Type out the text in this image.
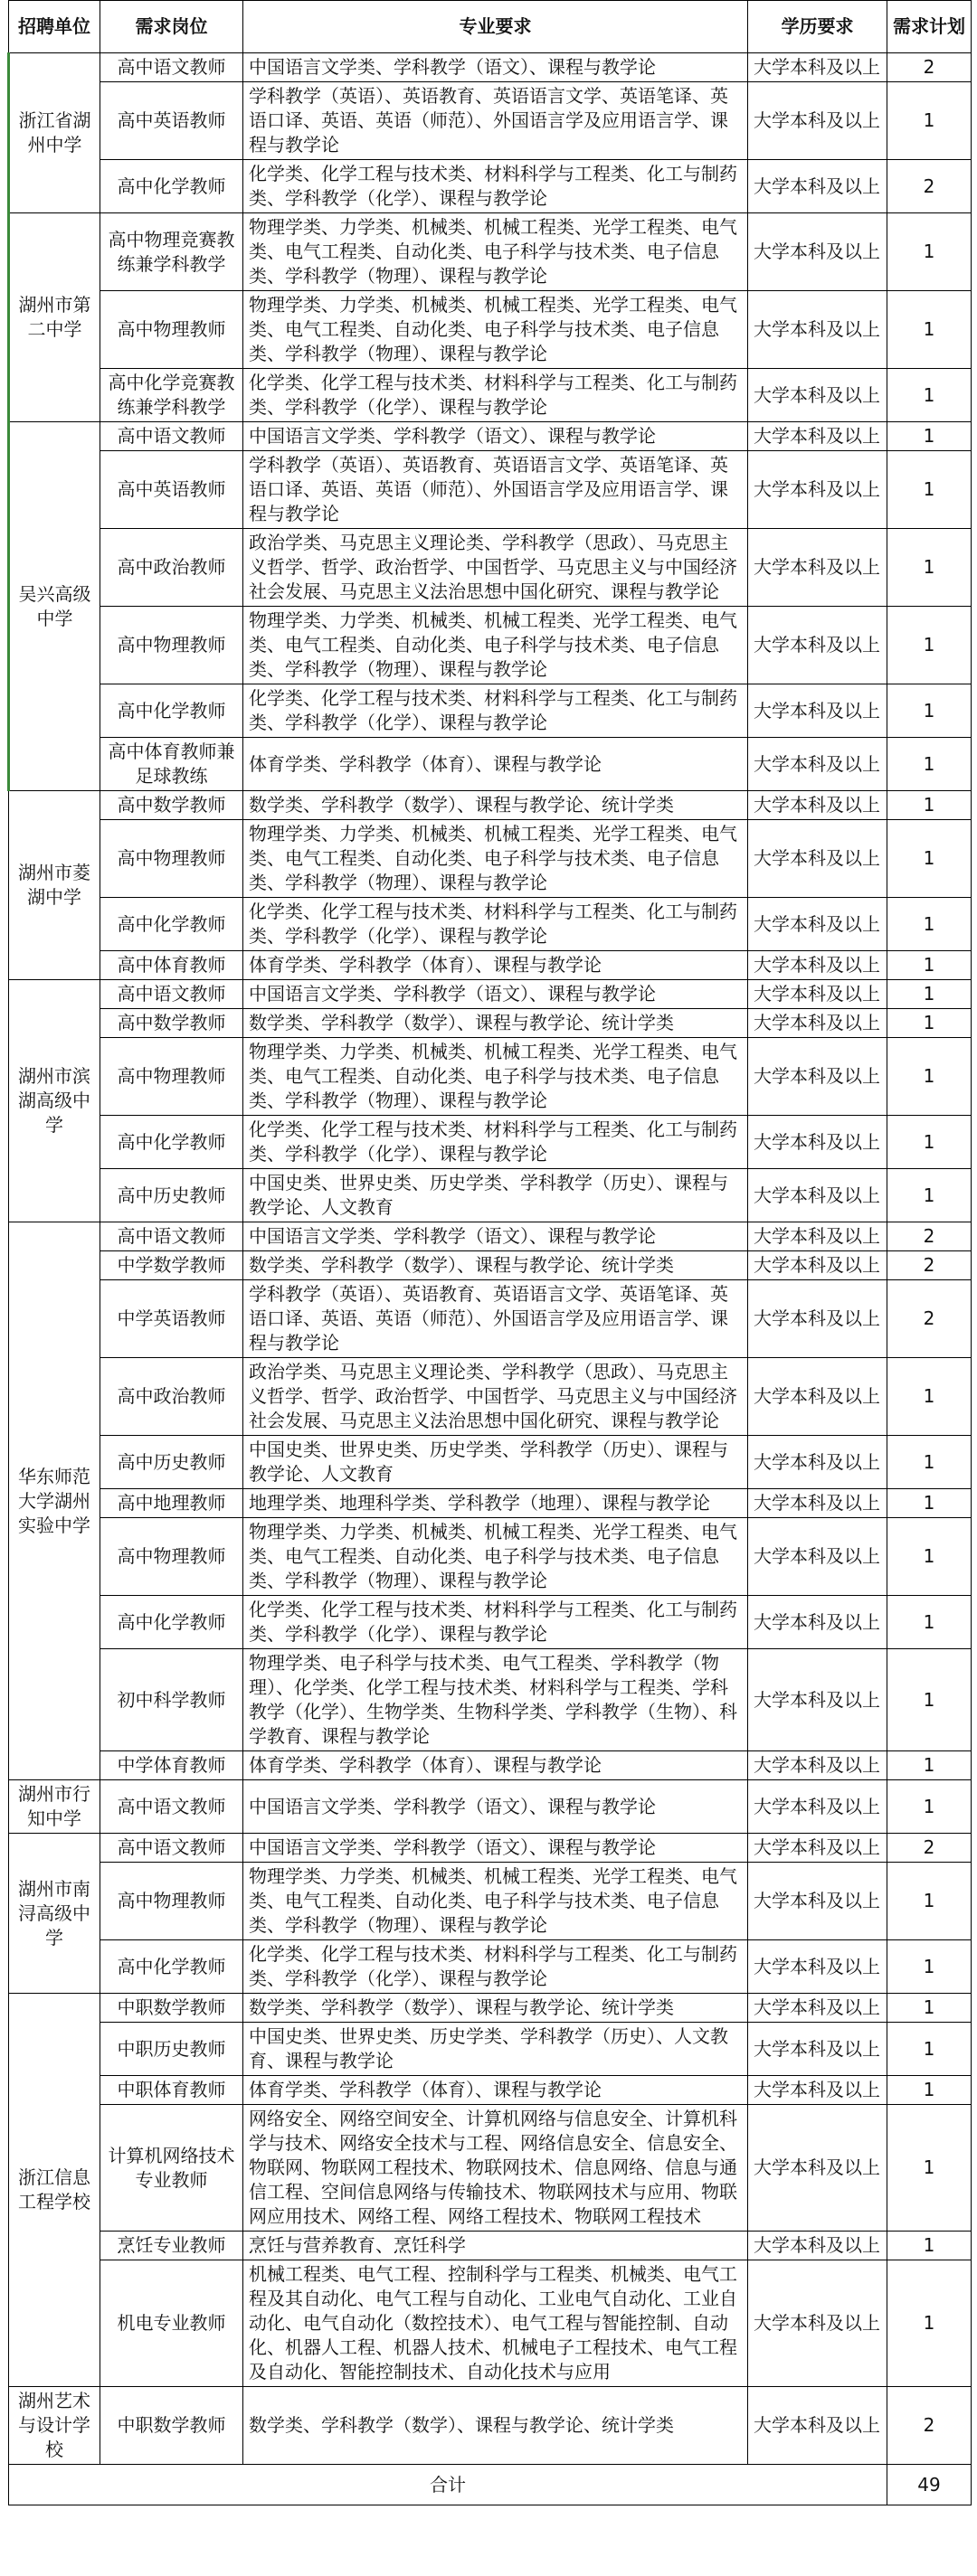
招聘单位	需求岗位	专业要求	学历要求	需求计划
浙江省湖州中学	高中语文教师	中国语言文学类、学科教学（语文）、课程与教学论	大学本科及以上	2
	高中英语教师	学科教学（英语）、英语教育、英语语言文学、英语笔译、英语口译、英语、英语（师范）、外国语言学及应用语言学、课程与教学论	大学本科及以上	1
	高中化学教师	化学类、化学工程与技术类、材料科学与工程类、化工与制药类、学科教学（化学）、课程与教学论	大学本科及以上	2
湖州市第二中学	高中物理竞赛教练兼学科教学	物理学类、力学类、机械类、机械工程类、光学工程类、电气类、电气工程类、自动化类、电子科学与技术类、电子信息类、学科教学（物理）、课程与教学论	大学本科及以上	1
	高中物理教师	物理学类、力学类、机械类、机械工程类、光学工程类、电气类、电气工程类、自动化类、电子科学与技术类、电子信息类、学科教学（物理）、课程与教学论	大学本科及以上	1
	高中化学竞赛教练兼学科教学	化学类、化学工程与技术类、材料科学与工程类、化工与制药类、学科教学（化学）、课程与教学论	大学本科及以上	1
吴兴高级中学	高中语文教师	中国语言文学类、学科教学（语文）、课程与教学论	大学本科及以上	1
	高中英语教师	学科教学（英语）、英语教育、英语语言文学、英语笔译、英语口译、英语、英语（师范）、外国语言学及应用语言学、课程与教学论	大学本科及以上	1
	高中政治教师	政治学类、马克思主义理论类、学科教学（思政）、马克思主义哲学、哲学、政治哲学、中国哲学、马克思主义与中国经济社会发展、马克思主义法治思想中国化研究、课程与教学论	大学本科及以上	1
	高中物理教师	物理学类、力学类、机械类、机械工程类、光学工程类、电气类、电气工程类、自动化类、电子科学与技术类、电子信息类、学科教学（物理）、课程与教学论	大学本科及以上	1
	高中化学教师	化学类、化学工程与技术类、材料科学与工程类、化工与制药类、学科教学（化学）、课程与教学论	大学本科及以上	1
	高中体育教师兼足球教练	体育学类、学科教学（体育）、课程与教学论	大学本科及以上	1
湖州市菱湖中学	高中数学教师	数学类、学科教学（数学）、课程与教学论、统计学类	大学本科及以上	1
	高中物理教师	物理学类、力学类、机械类、机械工程类、光学工程类、电气类、电气工程类、自动化类、电子科学与技术类、电子信息类、学科教学（物理）、课程与教学论	大学本科及以上	1
	高中化学教师	化学类、化学工程与技术类、材料科学与工程类、化工与制药类、学科教学（化学）、课程与教学论	大学本科及以上	1
	高中体育教师	体育学类、学科教学（体育）、课程与教学论	大学本科及以上	1
湖州市滨湖高级中学	高中语文教师	中国语言文学类、学科教学（语文）、课程与教学论	大学本科及以上	1
	高中数学教师	数学类、学科教学（数学）、课程与教学论、统计学类	大学本科及以上	1
	高中物理教师	物理学类、力学类、机械类、机械工程类、光学工程类、电气类、电气工程类、自动化类、电子科学与技术类、电子信息类、学科教学（物理）、课程与教学论	大学本科及以上	1
	高中化学教师	化学类、化学工程与技术类、材料科学与工程类、化工与制药类、学科教学（化学）、课程与教学论	大学本科及以上	1
	高中历史教师	中国史类、世界史类、历史学类、学科教学（历史）、课程与教学论、人文教育	大学本科及以上	1
华东师范大学湖州实验中学	高中语文教师	中国语言文学类、学科教学（语文）、课程与教学论	大学本科及以上	2
	中学数学教师	数学类、学科教学（数学）、课程与教学论、统计学类	大学本科及以上	2
	中学英语教师	学科教学（英语）、英语教育、英语语言文学、英语笔译、英语口译、英语、英语（师范）、外国语言学及应用语言学、课程与教学论	大学本科及以上	2
	高中政治教师	政治学类、马克思主义理论类、学科教学（思政）、马克思主义哲学、哲学、政治哲学、中国哲学、马克思主义与中国经济社会发展、马克思主义法治思想中国化研究、课程与教学论	大学本科及以上	1
	高中历史教师	中国史类、世界史类、历史学类、学科教学（历史）、课程与教学论、人文教育	大学本科及以上	1
	高中地理教师	地理学类、地理科学类、学科教学（地理）、课程与教学论	大学本科及以上	1
	高中物理教师	物理学类、力学类、机械类、机械工程类、光学工程类、电气类、电气工程类、自动化类、电子科学与技术类、电子信息类、学科教学（物理）、课程与教学论	大学本科及以上	1
	高中化学教师	化学类、化学工程与技术类、材料科学与工程类、化工与制药类、学科教学（化学）、课程与教学论	大学本科及以上	1
	初中科学教师	物理学类、电子科学与技术类、电气工程类、学科教学（物理）、化学类、化学工程与技术类、材料科学与工程类、学科教学（化学）、生物学类、生物科学类、学科教学（生物）、科学教育、课程与教学论	大学本科及以上	1
	中学体育教师	体育学类、学科教学（体育）、课程与教学论	大学本科及以上	1
湖州市行知中学	高中语文教师	中国语言文学类、学科教学（语文）、课程与教学论	大学本科及以上	1
湖州市南浔高级中学	高中语文教师	中国语言文学类、学科教学（语文）、课程与教学论	大学本科及以上	2
	高中物理教师	物理学类、力学类、机械类、机械工程类、光学工程类、电气类、电气工程类、自动化类、电子科学与技术类、电子信息类、学科教学（物理）、课程与教学论	大学本科及以上	1
	高中化学教师	化学类、化学工程与技术类、材料科学与工程类、化工与制药类、学科教学（化学）、课程与教学论	大学本科及以上	1
浙江信息工程学校	中职数学教师	数学类、学科教学（数学）、课程与教学论、统计学类	大学本科及以上	1
	中职历史教师	中国史类、世界史类、历史学类、学科教学（历史）、人文教育、课程与教学论	大学本科及以上	1
	中职体育教师	体育学类、学科教学（体育）、课程与教学论	大学本科及以上	1
	计算机网络技术专业教师	网络安全、网络空间安全、计算机网络与信息安全、计算机科学与技术、网络安全技术与工程、网络信息安全、信息安全、物联网、物联网工程技术、物联网技术、信息网络、信息与通信工程、空间信息网络与传输技术、物联网技术与应用、物联网应用技术、网络工程、网络工程技术、物联网工程技术	大学本科及以上	1
	烹饪专业教师	烹饪与营养教育、烹饪科学	大学本科及以上	1
	机电专业教师	机械工程类、电气工程、控制科学与工程类、机械类、电气工程及其自动化、电气工程与自动化、工业电气自动化、工业自动化、电气自动化（数控技术）、电气工程与智能控制、自动化、机器人工程、机器人技术、机械电子工程技术、电气工程及自动化、智能控制技术、自动化技术与应用	大学本科及以上	1
湖州艺术与设计学校	中职数学教师	数学类、学科教学（数学）、课程与教学论、统计学类	大学本科及以上	2
合计				49
